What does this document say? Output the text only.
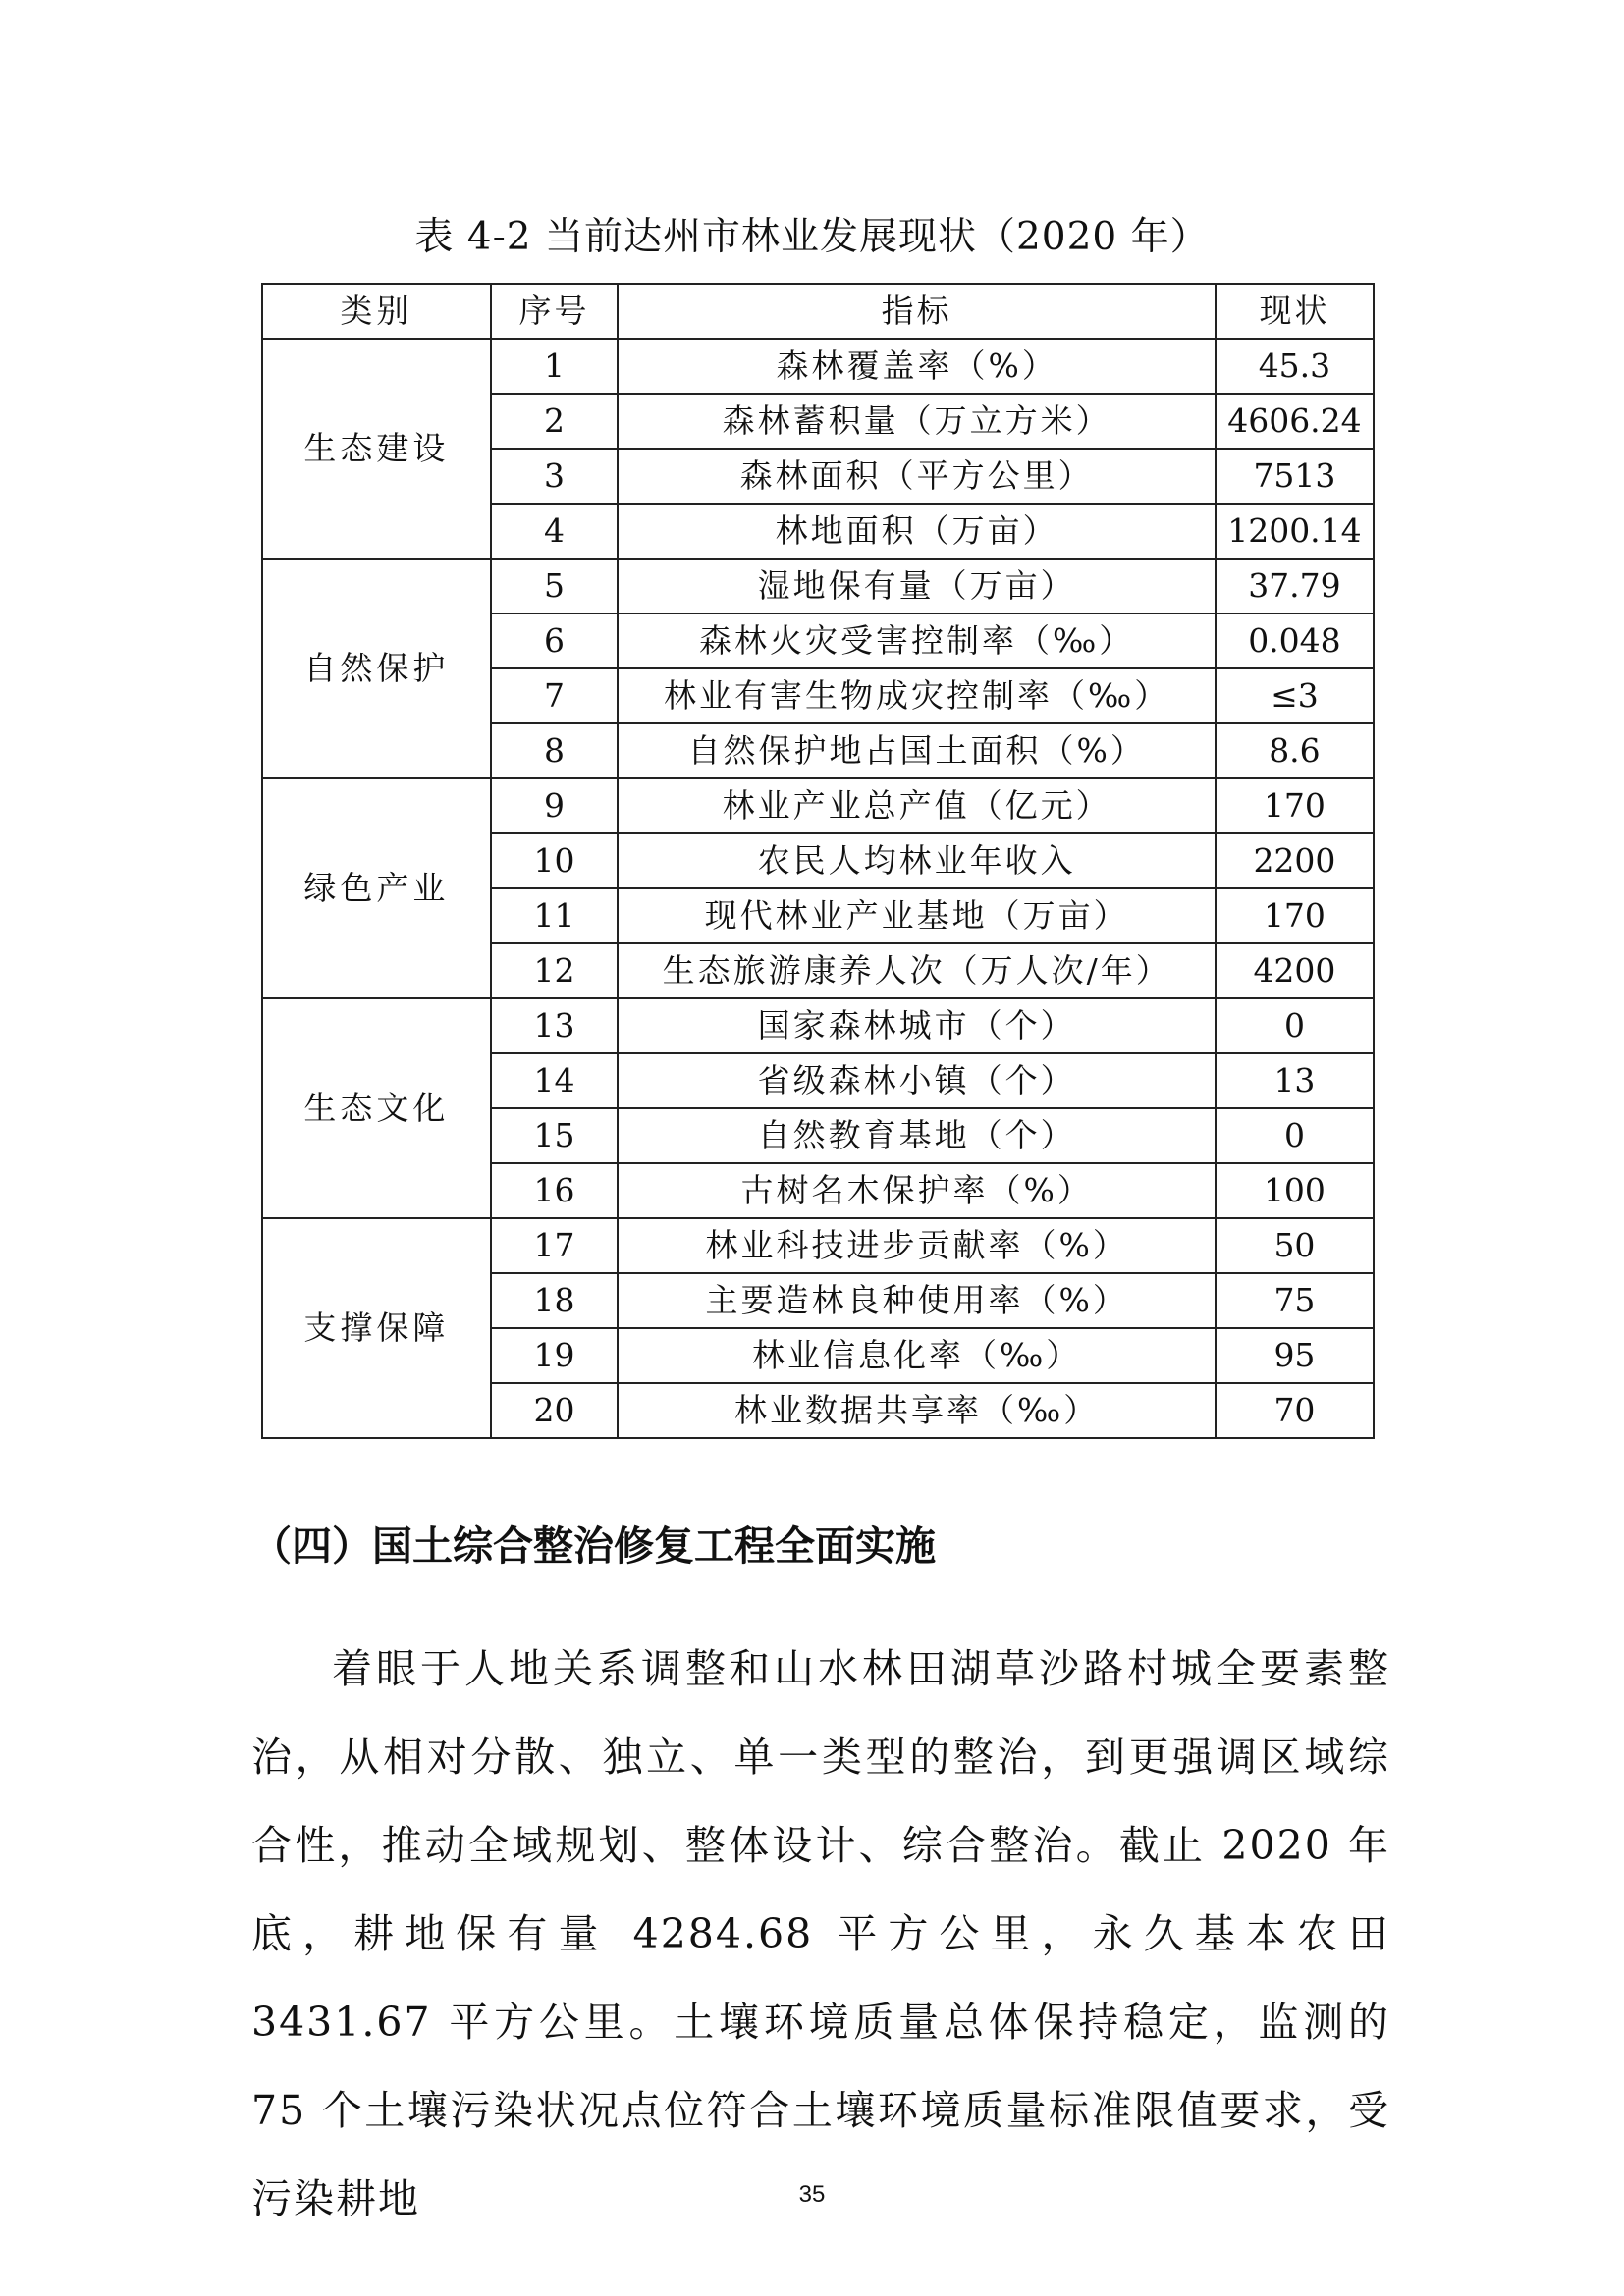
表 4-2 当前达州市林业发展现状（2020 年）
类别	序号	指标	现状
生态建设	1	森林覆盖率（%）	45.3
	2	森林蓄积量（万立方米）	4606.24
	3	森林面积（平方公里）	7513
	4	林地面积（万亩）	1200.14
自然保护	5	湿地保有量（万亩）	37.79
	6	森林火灾受害控制率（‰）	0.048
	7	林业有害生物成灾控制率（‰）	≤3
	8	自然保护地占国土面积（%）	8.6
绿色产业	9	林业产业总产值（亿元）	170
	10	农民人均林业年收入	2200
	11	现代林业产业基地（万亩）	170
	12	生态旅游康养人次（万人次/年）	4200
生态文化	13	国家森林城市（个）	0
	14	省级森林小镇（个）	13
	15	自然教育基地（个）	0
	16	古树名木保护率（%）	100
支撑保障	17	林业科技进步贡献率（%）	50
	18	主要造林良种使用率（%）	75
	19	林业信息化率（‰）	95
	20	林业数据共享率（‰）	70
（四）国土综合整治修复工程全面实施

着眼于人地关系调整和山水林田湖草沙路村城全要素整治，从相对分散、独立、单一类型的整治，到更强调区域综合性，推动全域规划、整体设计、综合整治。截止 2020 年底，耕地保有量 4284.68 平方公里，永久基本农田 3431.67 平方公里。土壤环境质量总体保持稳定，监测的 75 个土壤污染状况点位符合土壤环境质量标准限值要求，受污染耕地	35
